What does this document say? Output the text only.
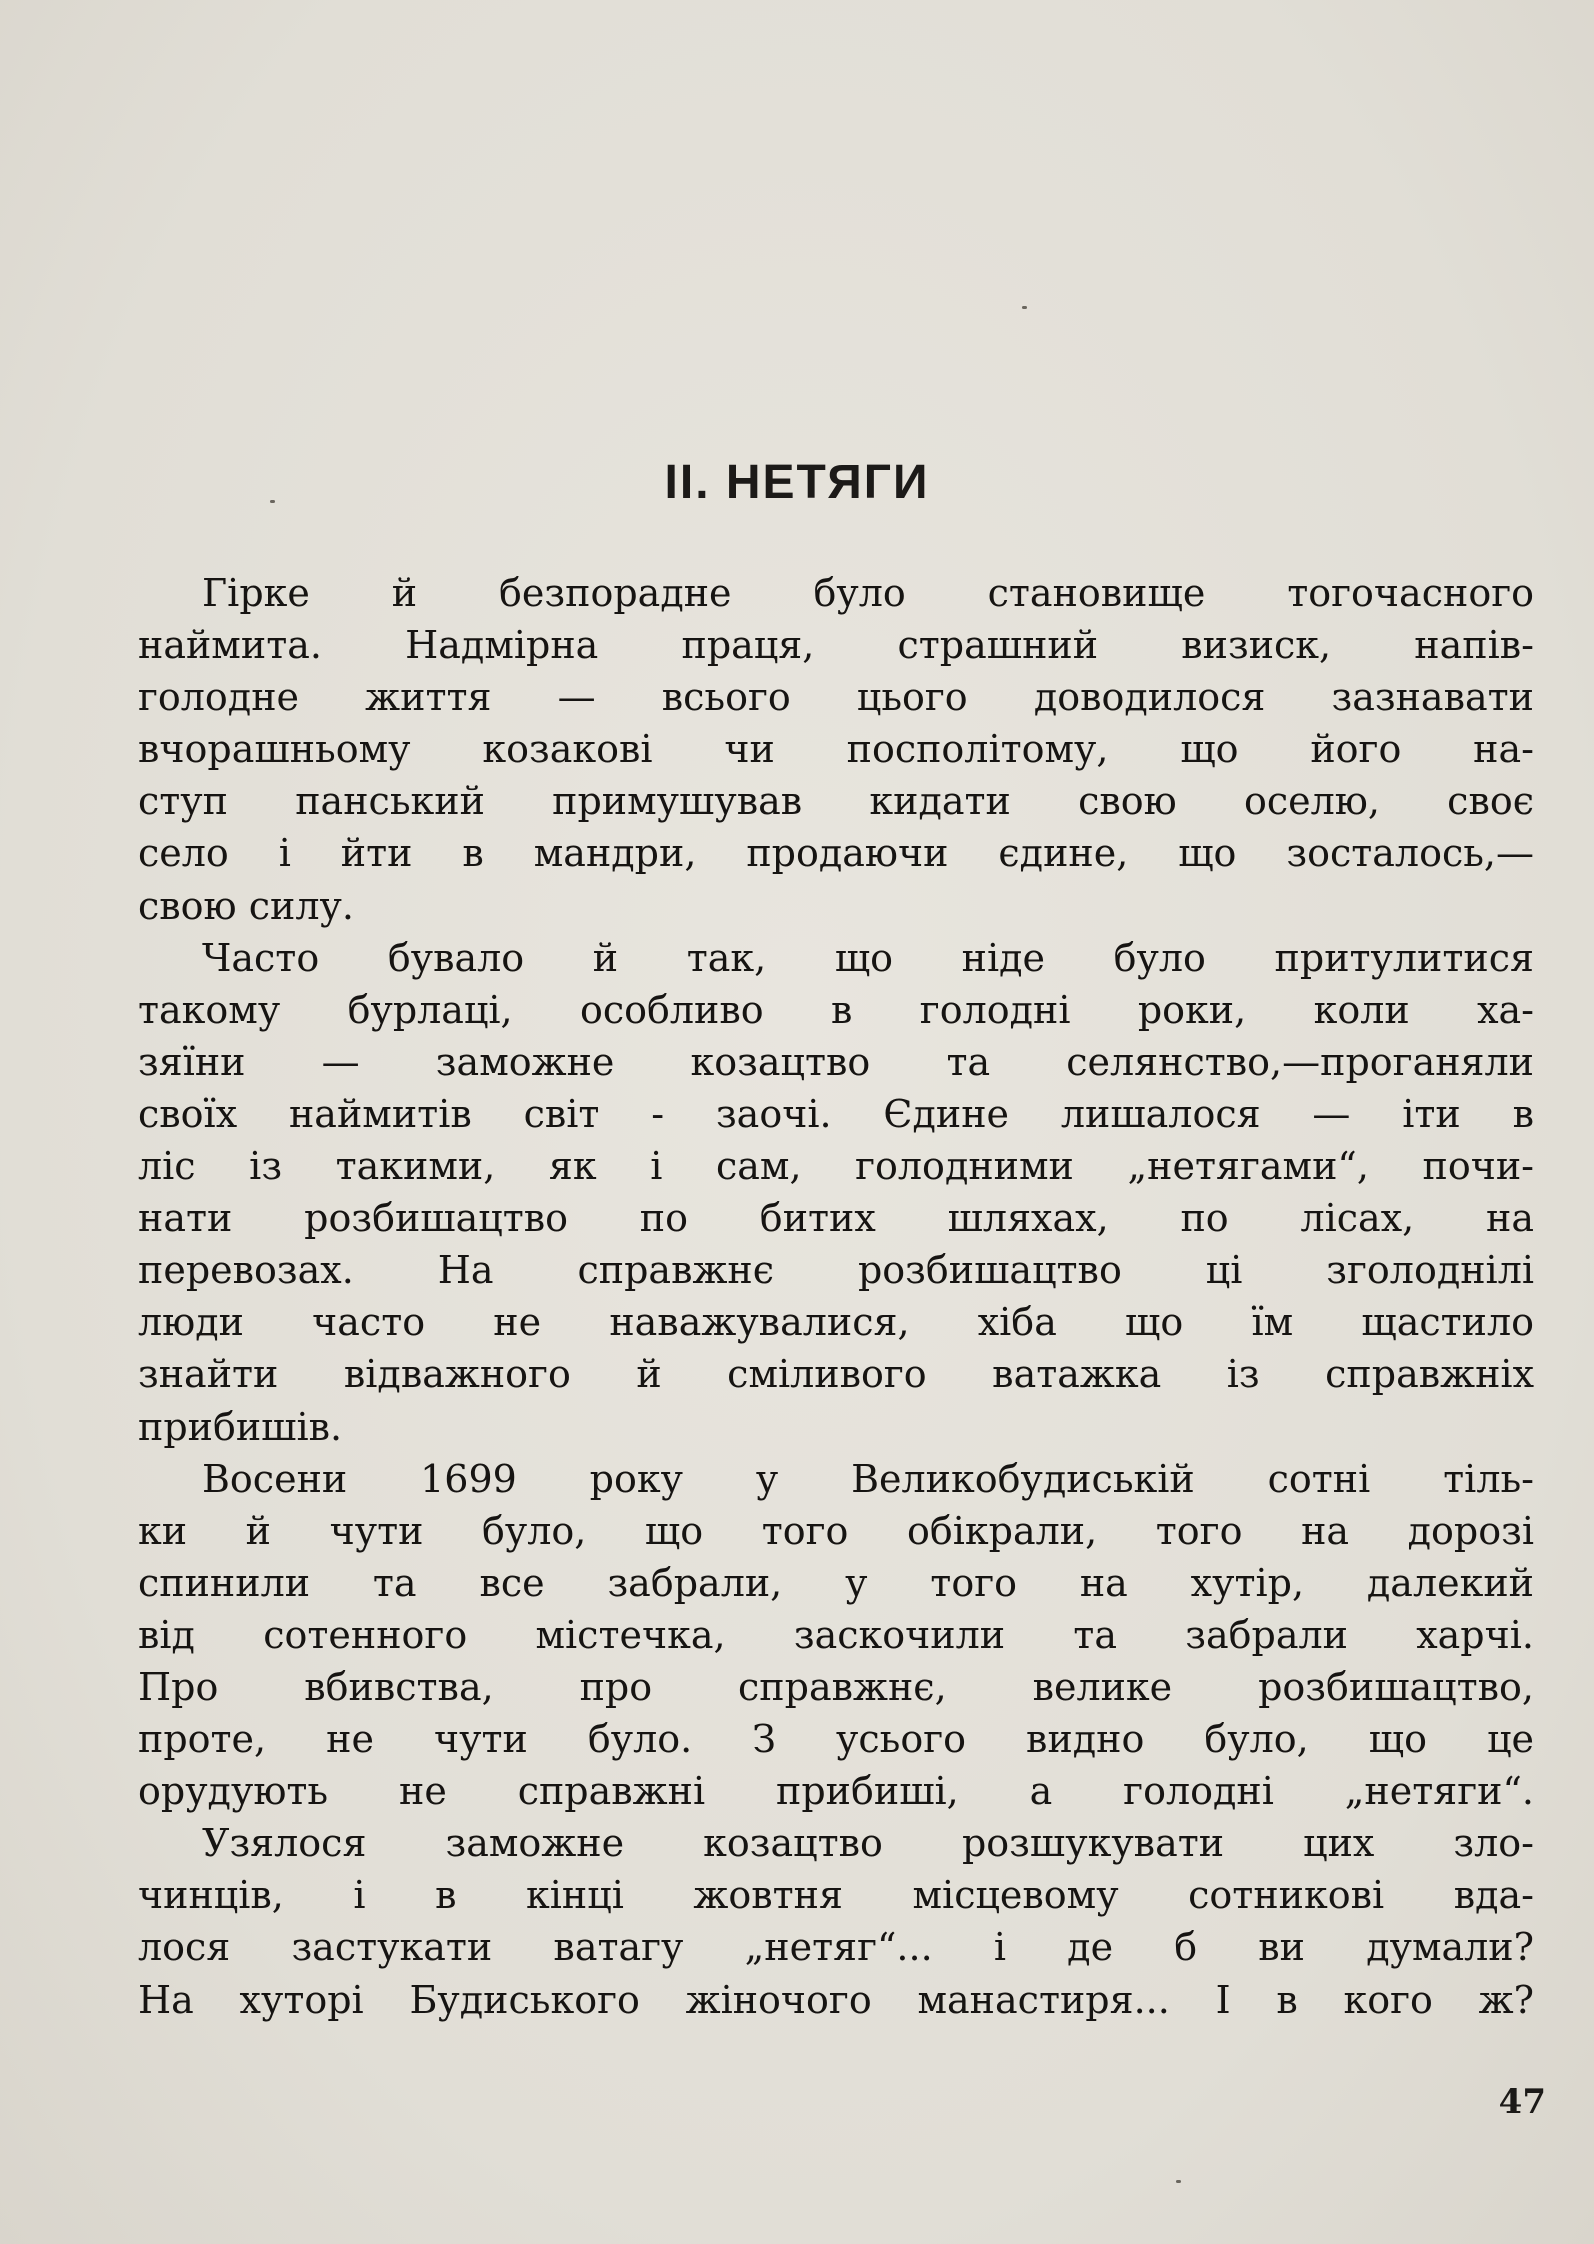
II. НЕТЯГИ
Гірке й безпорадне було становище тогочасного
наймита. Надмірна праця, страшний визиск, напів-
голодне життя — всього цього доводилося зазнавати
вчорашньому козакові чи посполітому, що його на-
ступ панський примушував кидати свою оселю, своє
село і йти в мандри, продаючи єдине, що зосталось,—
свою силу.
Часто бувало й так, що ніде було притулитися
такому бурлаці, особливо в голодні роки, коли ха-
зяїни — заможне козацтво та селянство,—проганяли
своїх наймитів світ - заочі. Єдине лишалося — іти в
ліс із такими, як і сам, голодними „нетягами“, почи-
нати розбишацтво по битих шляхах, по лісах, на
перевозах. На справжнє розбишацтво ці зголоднілі
люди часто не наважувалися, хіба що їм щастило
знайти відважного й сміливого ватажка із справжніх
прибишів.
Восени 1699 року у Великобудиській сотні тіль-
ки й чути було, що того обікрали, того на дорозі
спинили та все забрали, у того на хутір, далекий
від сотенного містечка, заскочили та забрали харчі.
Про вбивства, про справжнє, велике розбишацтво,
проте, не чути було. З усього видно було, що це
орудують не справжні прибиші, а голодні „нетяги“.
Узялося заможне козацтво розшукувати цих зло-
чинців, і в кінці жовтня місцевому сотникові вда-
лося застукати ватагу „нетяг“... і де б ви думали?
На хуторі Будиського жіночого манастиря... І в кого ж?
47
